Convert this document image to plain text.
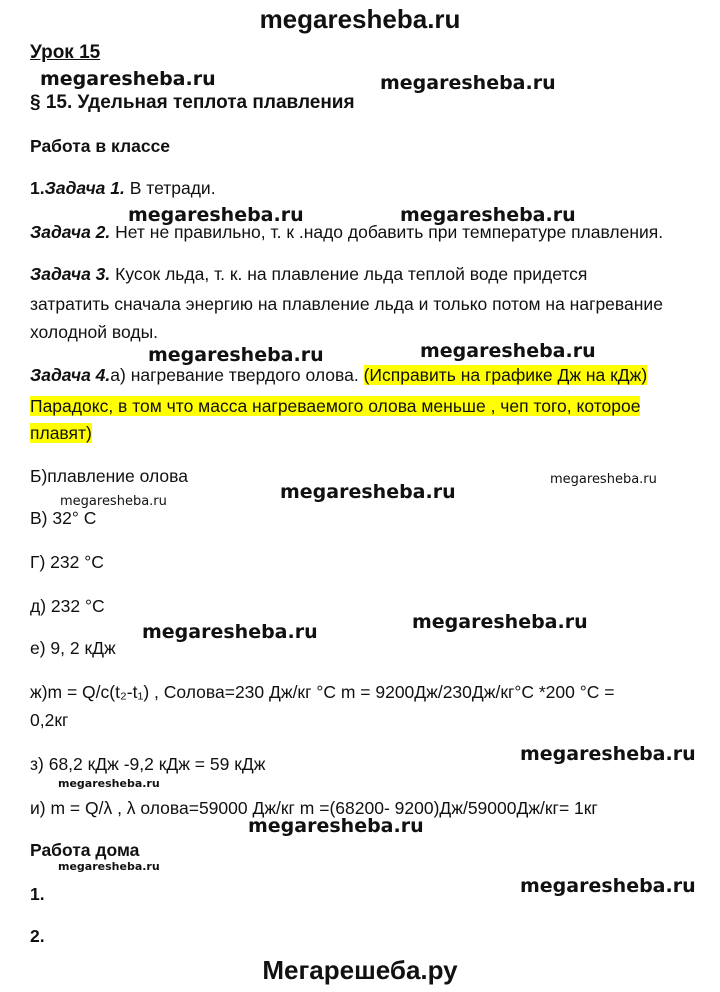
megaresheba.ru
Урок 15
megaresheba.ru	megaresheba.ru
§ 15. Удельная теплота плавления
Работа в классе
1.Задача 1. В тетради.
megaresheba.ru	megaresheba.ru
Задача 2. Нет не правильно, т. к .надо добавить при температуре плавления.
Задача 3. Кусок льда, т. к. на плавление льда теплой воде придется
затратить сначала энергию на плавление льда и только потом на нагревание
холодной воды.
megaresheba.ru	megaresheba.ru
Задача 4.а) нагревание твердого олова. (Исправить на графике Дж на кДж)
Парадокс, в том что масса нагреваемого олова меньше , чеп того, которое
плавят)
Б)плавление олова	megaresheba.ru
megaresheba.ru	megaresheba.ru
В) 32° С
Г) 232 °С
д) 232 °С
megaresheba.ru
megaresheba.ru
е) 9, 2 кДж
ж)m = Q/c(t₂-t₁) , Солова=230 Дж/кг °С m = 9200Дж/230Дж/кг°С *200 °С =
0,2кг
megaresheba.ru
з) 68,2 кДж -9,2 кДж = 59 кДж
megaresheba.ru
и) m = Q/λ , λ олова=59000 Дж/кг m =(68200- 9200)Дж/59000Дж/кг= 1кг
megaresheba.ru
Работа дома
megaresheba.ru
1.	megaresheba.ru
2.
Мегарешеба.ру
